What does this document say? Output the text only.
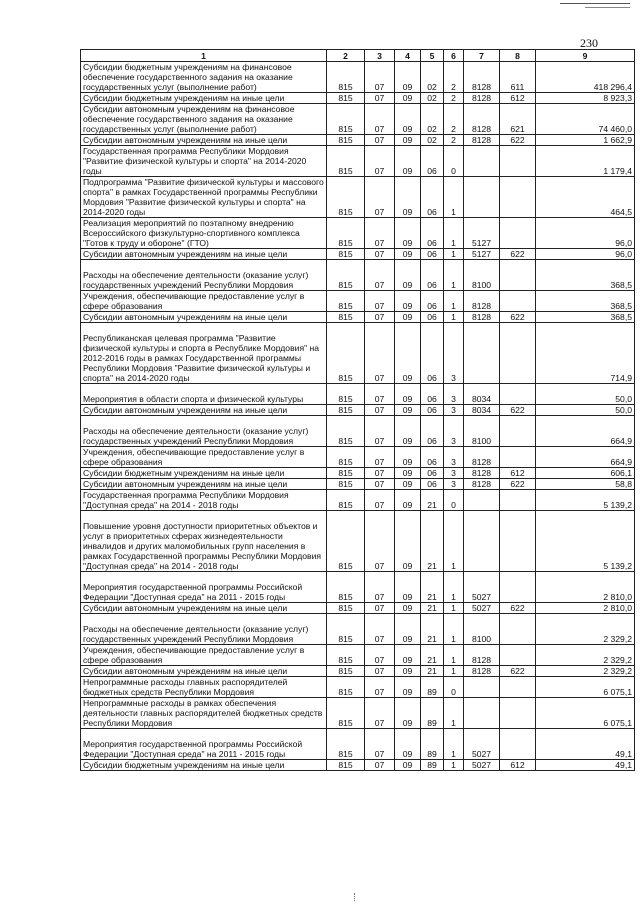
230
1	2	3	4	5	6	7	8	9
Субсидии бюджетным учреждениям на финансовое обеспечение государственного задания на оказание государственных услуг (выполнение работ)	815	07	09	02	2	8128	611	418 296,4
Субсидии бюджетным учреждениям на иные цели	815	07	09	02	2	8128	612	8 923,3
Субсидии автономным учреждениям на финансовое обеспечение государственного задания на оказание государственных услуг (выполнение работ)	815	07	09	02	2	8128	621	74 460,0
Субсидии автономным учреждениям на иные цели	815	07	09	02	2	8128	622	1 662,9
Государственная программа Республики Мордовия "Развитие физической культуры и спорта" на 2014-2020 годы	815	07	09	06	0			1 179,4
Подпрограмма "Развитие физической культуры и массового спорта" в рамках Государственной программы Республики Мордовия "Развитие физической культуры и спорта" на 2014-2020 годы	815	07	09	06	1			464,5
Реализация мероприятий по поэтапному внедрению Всероссийского физкультурно-спортивного комплекса "Готов к труду и обороне" (ГТО)	815	07	09	06	1	5127		96,0
Субсидии автономным учреждениям на иные цели	815	07	09	06	1	5127	622	96,0
Расходы на обеспечение деятельности (оказание услуг) государственных учреждений Республики Мордовия	815	07	09	06	1	8100		368,5
Учреждения, обеспечивающие предоставление услуг в сфере образования	815	07	09	06	1	8128		368,5
Субсидии автономным учреждениям на иные цели	815	07	09	06	1	8128	622	368,5
Республиканская целевая программа "Развитие физической культуры и спорта в Республике Мордовия" на 2012-2016 годы в рамках Государственной программы Республики Мордовия "Развитие физической культуры и спорта" на 2014-2020 годы	815	07	09	06	3			714,9
Мероприятия в области спорта и физической культуры	815	07	09	06	3	8034		50,0
Субсидии автономным учреждениям на иные цели	815	07	09	06	3	8034	622	50,0
Расходы на обеспечение деятельности (оказание услуг) государственных учреждений Республики Мордовия	815	07	09	06	3	8100		664,9
Учреждения, обеспечивающие предоставление услуг в сфере образования	815	07	09	06	3	8128		664,9
Субсидии бюджетным учреждениям на иные цели	815	07	09	06	3	8128	612	606,1
Субсидии автономным учреждениям на иные цели	815	07	09	06	3	8128	622	58,8
Государственная программа Республики Мордовия "Доступная среда" на 2014 - 2018 годы	815	07	09	21	0			5 139,2
Повышение уровня доступности приоритетных объектов и услуг в приоритетных сферах жизнедеятельности инвалидов и других маломобильных групп населения в рамках Государственной программы Республики Мордовия "Доступная среда" на 2014 - 2018 годы	815	07	09	21	1			5 139,2
Мероприятия государственной программы Российской Федерации "Доступная среда" на 2011 - 2015 годы	815	07	09	21	1	5027		2 810,0
Субсидии автономным учреждениям на иные цели	815	07	09	21	1	5027	622	2 810,0
Расходы на обеспечение деятельности (оказание услуг) государственных учреждений Республики Мордовия	815	07	09	21	1	8100		2 329,2
Учреждения, обеспечивающие предоставление услуг в сфере образования	815	07	09	21	1	8128		2 329,2
Субсидии автономным учреждениям на иные цели	815	07	09	21	1	8128	622	2 329,2
Непрограммные расходы главных распорядителей бюджетных средств Республики Мордовия	815	07	09	89	0			6 075,1
Непрограммные расходы в рамках обеспечения деятельности главных распорядителей бюджетных средств Республики Мордовия	815	07	09	89	1			6 075,1
Мероприятия государственной программы Российской Федерации "Доступная среда" на 2011 - 2015 годы	815	07	09	89	1	5027		49,1
Субсидии бюджетным учреждениям на иные цели	815	07	09	89	1	5027	612	49,1
